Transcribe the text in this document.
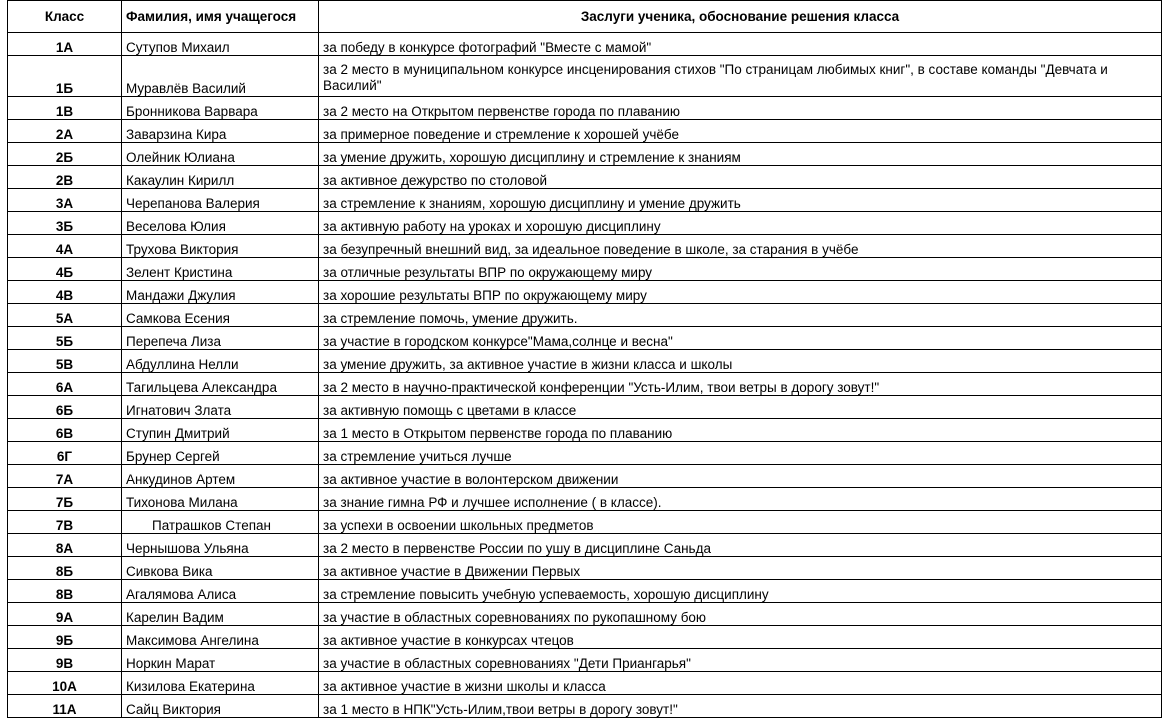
Класс	Фамилия, имя учащегося	Заслуги ученика, обоснование решения класса
1А	Сутупов Михаил	за победу в конкурсе фотографий "Вместе с мамой"
1Б	Муравлёв Василий	за 2 место в муниципальном конкурсе инсценирования стихов "По страницам любимых книг", в составе команды "Девчата и Василий"
1В	Бронникова Варвара	за 2 место на Открытом первенстве города по плаванию
2А	Заварзина Кира	за примерное поведение и стремление к хорошей учёбе
2Б	Олейник Юлиана	за умение дружить, хорошую дисциплину и стремление к знаниям
2В	Какаулин Кирилл	за активное дежурство по столовой
3А	Черепанова Валерия	за стремление к знаниям, хорошую дисциплину и умение дружить
3Б	Веселова Юлия	за активную работу на уроках и хорошую дисциплину
4А	Трухова Виктория	за безупречный внешний вид, за идеальное поведение в школе, за старания в учёбе
4Б	Зелент Кристина	за отличные результаты ВПР по окружающему миру
4В	Мандажи Джулия	за хорошие результаты ВПР по окружающему миру
5А	Самкова Есения	за стремление помочь, умение дружить.
5Б	Перепеча Лиза	за участие в городском конкурсе"Мама,солнце и весна"
5В	Абдуллина Нелли	за умение дружить, за активное участие в жизни класса и школы
6А	Тагильцева Александра	за 2 место в научно-практической конференции "Усть-Илим, твои ветры в дорогу зовут!"
6Б	Игнатович Злата	за активную помощь с цветами в классе
6В	Ступин Дмитрий	за 1 место в Открытом первенстве города по плаванию
6Г	Брунер Сергей	за стремление учиться лучше
7А	Анкудинов Артем	за активное участие в волонтерском движении
7Б	Тихонова Милана	за знание гимна РФ и лучшее исполнение ( в классе).
7В	Патрашков Степан	за успехи в освоении школьных предметов
8А	Чернышова Ульяна	за 2 место в первенстве России по ушу в дисциплине Саньда
8Б	Сивкова Вика	за активное участие в Движении Первых
8В	Агалямова Алиса	за стремление повысить учебную успеваемость, хорошую дисциплину
9А	Карелин Вадим	за участие в областных соревнованиях по рукопашному бою
9Б	Максимова Ангелина	за активное участие в конкурсах чтецов
9В	Норкин Марат	за участие в областных соревнованиях "Дети Приангарья"
10А	Кизилова Екатерина	за активное участие в жизни школы и класса
11А	Сайц Виктория	за 1 место в НПК"Усть-Илим,твои ветры в дорогу зовут!"
